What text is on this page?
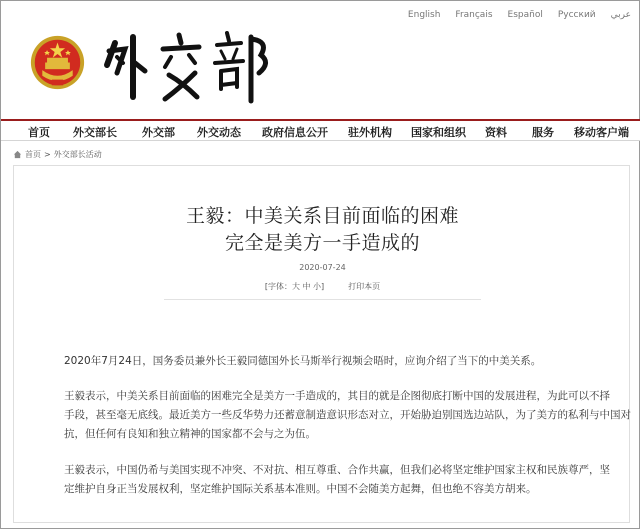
English Français Español Русский عربي
首页 外交部长 外交部 外交动态 政府信息公开 驻外机构 国家和组织 资料 服务 移动客户端
首页 > 外交部长活动
王毅：中美关系目前面临的困难
完全是美方一手造成的
2020-07-24
[字体：大 中 小]	打印本页
2020年7月24日，国务委员兼外长王毅同德国外长马斯举行视频会晤时，应询介绍了当下的中美关系。
王毅表示，中美关系目前面临的困难完全是美方一手造成的，其目的就是企图彻底打断中国的发展进程，为此可以不择
手段，甚至毫无底线。最近美方一些反华势力还蓄意制造意识形态对立，开始胁迫别国选边站队，为了美方的私利与中国对
抗，但任何有良知和独立精神的国家都不会与之为伍。
王毅表示，中国仍希与美国实现不冲突、不对抗、相互尊重、合作共赢，但我们必将坚定维护国家主权和民族尊严，坚
定维护自身正当发展权利，坚定维护国际关系基本准则。中国不会随美方起舞，但也绝不容美方胡来。
